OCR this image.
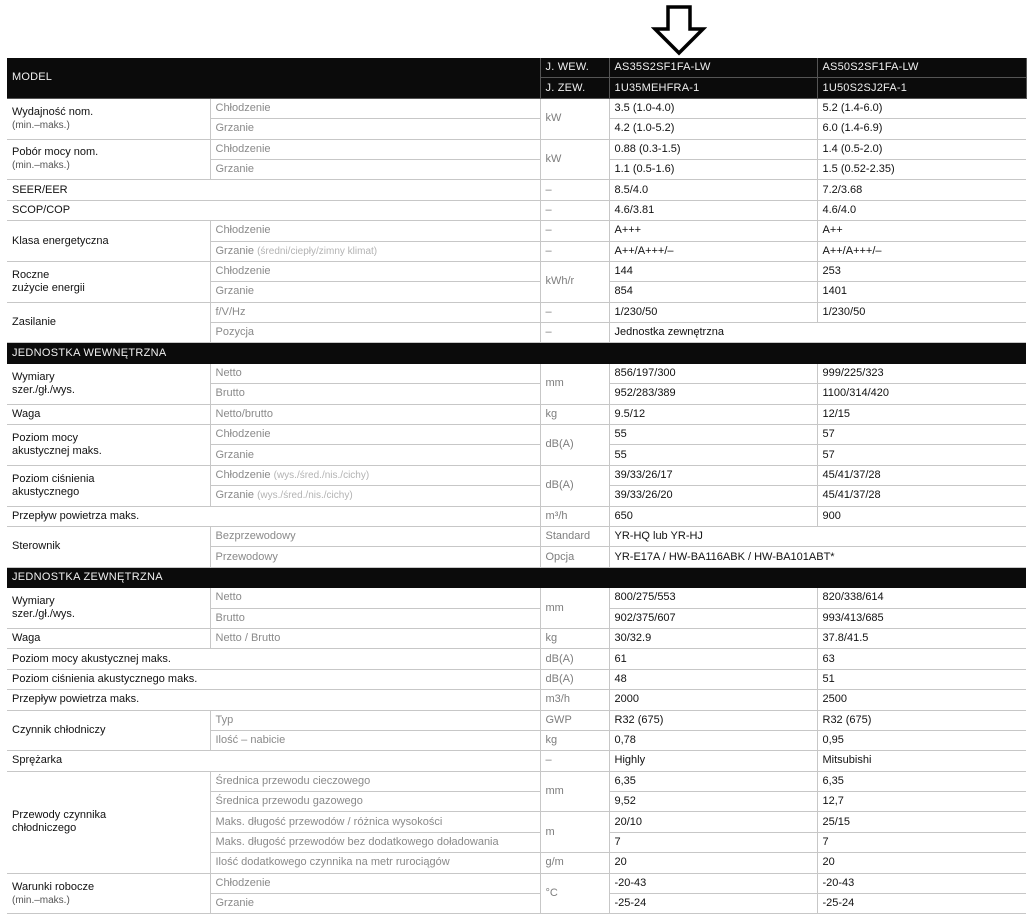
MODEL		J. WEW.	AS35S2SF1FA-LW	AS50S2SF1FA-LW
		J. ZEW.	1U35MEHFRA-1	1U50S2SJ2FA-1
Wydajność nom.
(min.–maks.)	Chłodzenie	kW	3.5 (1.0-4.0)	5.2 (1.4-6.0)
	Grzanie		4.2 (1.0-5.2)	6.0 (1.4-6.9)
Pobór mocy nom.
(min.–maks.)	Chłodzenie	kW	0.88 (0.3-1.5)	1.4 (0.5-2.0)
	Grzanie		1.1 (0.5-1.6)	1.5 (0.52-2.35)
SEER/EER		–	8.5/4.0	7.2/3.68
SCOP/COP		–	4.6/3.81	4.6/4.0
Klasa energetyczna	Chłodzenie	–	A+++	A++
	Grzanie (średni/ciepły/zimny klimat)	–	A++/A+++/–	A++/A+++/–
Roczne
zużycie energii	Chłodzenie	kWh/r	144	253
	Grzanie		854	1401
Zasilanie	f/V/Hz	–	1/230/50	1/230/50
	Pozycja	–	Jednostka zewnętrzna	
JEDNOSTKA WEWNĘTRZNA				
Wymiary
szer./gł./wys.	Netto	mm	856/197/300	999/225/323
	Brutto		952/283/389	1100/314/420
Waga	Netto/brutto	kg	9.5/12	12/15
Poziom mocy
akustycznej maks.	Chłodzenie	dB(A)	55	57
	Grzanie		55	57
Poziom ciśnienia
akustycznego	Chłodzenie (wys./śred./nis./cichy)	dB(A)	39/33/26/17	45/41/37/28
	Grzanie (wys./śred./nis./cichy)		39/33/26/20	45/41/37/28
Przepływ powietrza maks.		m³/h	650	900
Sterownik	Bezprzewodowy	Standard	YR-HQ lub YR-HJ	
	Przewodowy	Opcja	YR-E17A / HW-BA116ABK / HW-BA101ABT*	
JEDNOSTKA ZEWNĘTRZNA				
Wymiary
szer./gł./wys.	Netto	mm	800/275/553	820/338/614
	Brutto		902/375/607	993/413/685
Waga	Netto / Brutto	kg	30/32.9	37.8/41.5
Poziom mocy akustycznej maks.		dB(A)	61	63
Poziom ciśnienia akustycznego maks.		dB(A)	48	51
Przepływ powietrza maks.		m3/h	2000	2500
Czynnik chłodniczy	Typ	GWP	R32 (675)	R32 (675)
	Ilość – nabicie	kg	0,78	0,95
Sprężarka		–	Highly	Mitsubishi
Przewody czynnika
chłodniczego	Średnica przewodu cieczowego	mm	6,35	6,35
	Średnica przewodu gazowego		9,52	12,7
	Maks. długość przewodów / różnica wysokości	m	20/10	25/15
	Maks. długość przewodów bez dodatkowego doładowania		7	7
	Ilość dodatkowego czynnika na metr rurociągów	g/m	20	20
Warunki robocze
(min.–maks.)	Chłodzenie	°C	-20-43	-20-43
	Grzanie		-25-24	-25-24
